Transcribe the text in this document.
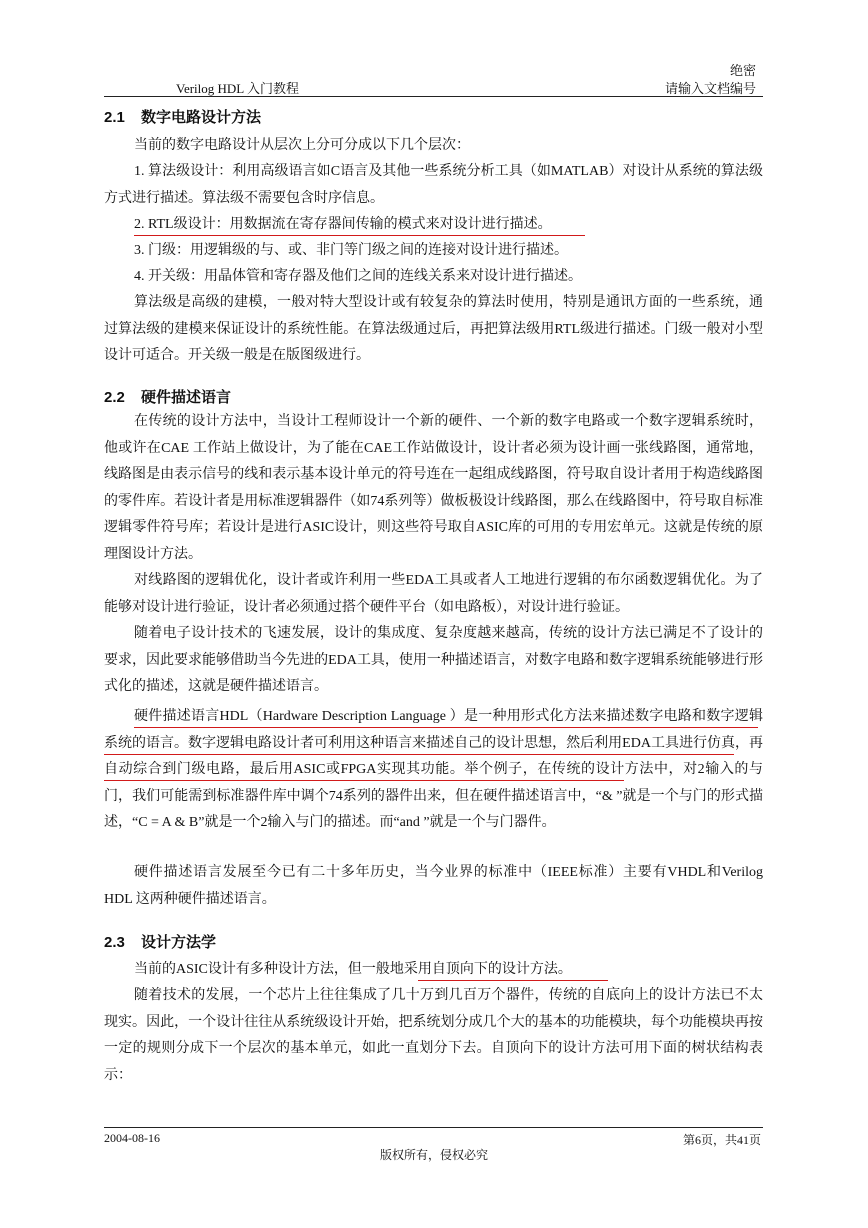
绝密
Verilog HDL 入门教程	请输入文档编号
2.1 数字电路设计方法
当前的数字电路设计从层次上分可分成以下几个层次：
1. 算法级设计：利用高级语言如C语言及其他一些系统分析工具（如MATLAB）对设计从系统的算法级方式进行描述。算法级不需要包含时序信息。
2. RTL级设计：用数据流在寄存器间传输的模式来对设计进行描述。
3. 门级：用逻辑级的与、或、非门等门级之间的连接对设计进行描述。
4. 开关级：用晶体管和寄存器及他们之间的连线关系来对设计进行描述。
算法级是高级的建模，一般对特大型设计或有较复杂的算法时使用，特别是通讯方面的一些系统，通过算法级的建模来保证设计的系统性能。在算法级通过后，再把算法级用RTL级进行描述。门级一般对小型设计可适合。开关级一般是在版图级进行。
2.2 硬件描述语言
在传统的设计方法中，当设计工程师设计一个新的硬件、一个新的数字电路或一个数字逻辑系统时，他或许在CAE 工作站上做设计，为了能在CAE工作站做设计，设计者必须为设计画一张线路图，通常地，线路图是由表示信号的线和表示基本设计单元的符号连在一起组成线路图，符号取自设计者用于构造线路图的零件库。若设计者是用标准逻辑器件（如74系列等）做板极设计线路图，那么在线路图中，符号取自标准逻辑零件符号库；若设计是进行ASIC设计，则这些符号取自ASIC库的可用的专用宏单元。这就是传统的原理图设计方法。
对线路图的逻辑优化，设计者或许利用一些EDA工具或者人工地进行逻辑的布尔函数逻辑优化。为了能够对设计进行验证，设计者必须通过搭个硬件平台（如电路板），对设计进行验证。
随着电子设计技术的飞速发展，设计的集成度、复杂度越来越高，传统的设计方法已满足不了设计的要求，因此要求能够借助当今先进的EDA工具，使用一种描述语言，对数字电路和数字逻辑系统能够进行形式化的描述，这就是硬件描述语言。
硬件描述语言HDL（Hardware Description Language ）是一种用形式化方法来描述数字电路和数字逻辑系统的语言。数字逻辑电路设计者可利用这种语言来描述自己的设计思想，然后利用EDA工具进行仿真，再自动综合到门级电路，最后用ASIC或FPGA实现其功能。举个例子，在传统的设计方法中，对2输入的与门，我们可能需到标准器件库中调个74系列的器件出来，但在硬件描述语言中，“& ”就是一个与门的形式描述，“C = A & B”就是一个2输入与门的描述。而“and ”就是一个与门器件。
硬件描述语言发展至今已有二十多年历史，当今业界的标准中（IEEE标准）主要有VHDL和Verilog HDL 这两种硬件描述语言。
2.3 设计方法学
当前的ASIC设计有多种设计方法，但一般地采用自顶向下的设计方法。
随着技术的发展，一个芯片上往往集成了几十万到几百万个器件，传统的自底向上的设计方法已不太现实。因此，一个设计往往从系统级设计开始，把系统划分成几个大的基本的功能模块，每个功能模块再按一定的规则分成下一个层次的基本单元，如此一直划分下去。自顶向下的设计方法可用下面的树状结构表示：
2004-08-16	第6页，共41页
版权所有，侵权必究
